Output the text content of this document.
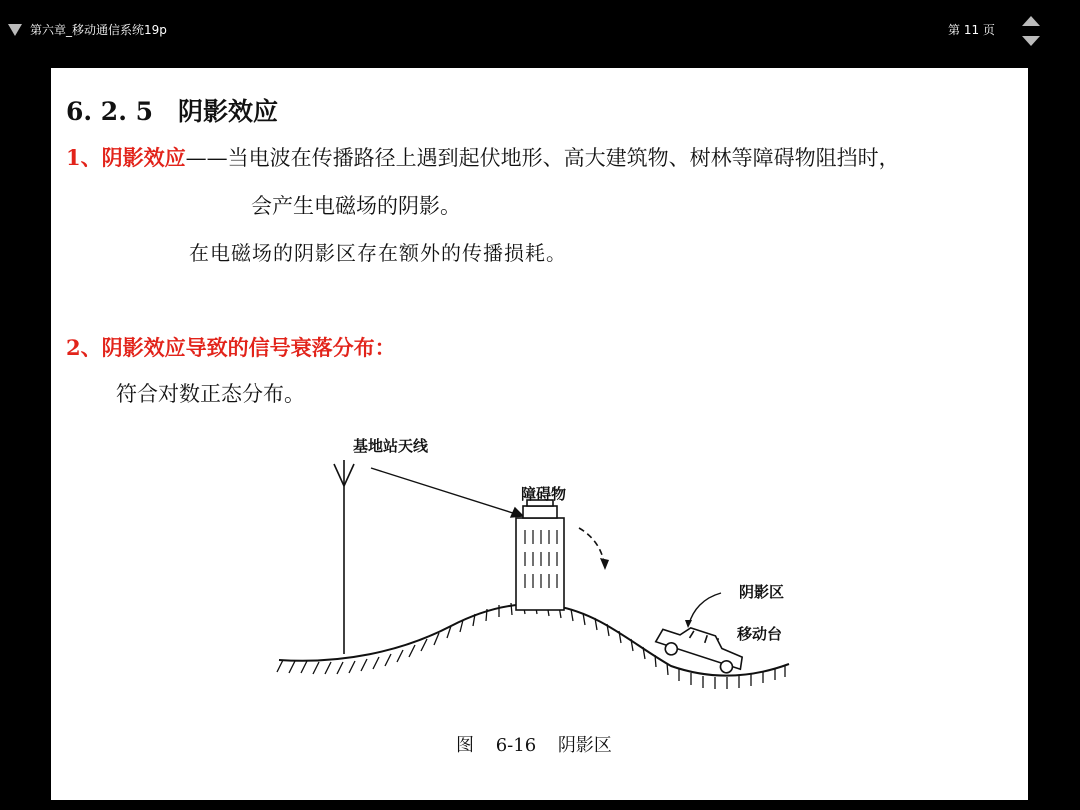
第六章_移动通信系统19p	第 11 页
6. 2. 5　阴影效应
1、阴影效应——当电波在传播路径上遇到起伏地形、高大建筑物、树林等障碍物阻挡时，
会产生电磁场的阴影。
在电磁场的阴影区存在额外的传播损耗。
2、阴影效应导致的信号衰落分布：
符合对数正态分布。
基地站天线
障碍物
阴影区
移动台
图 6-16 阴影区
